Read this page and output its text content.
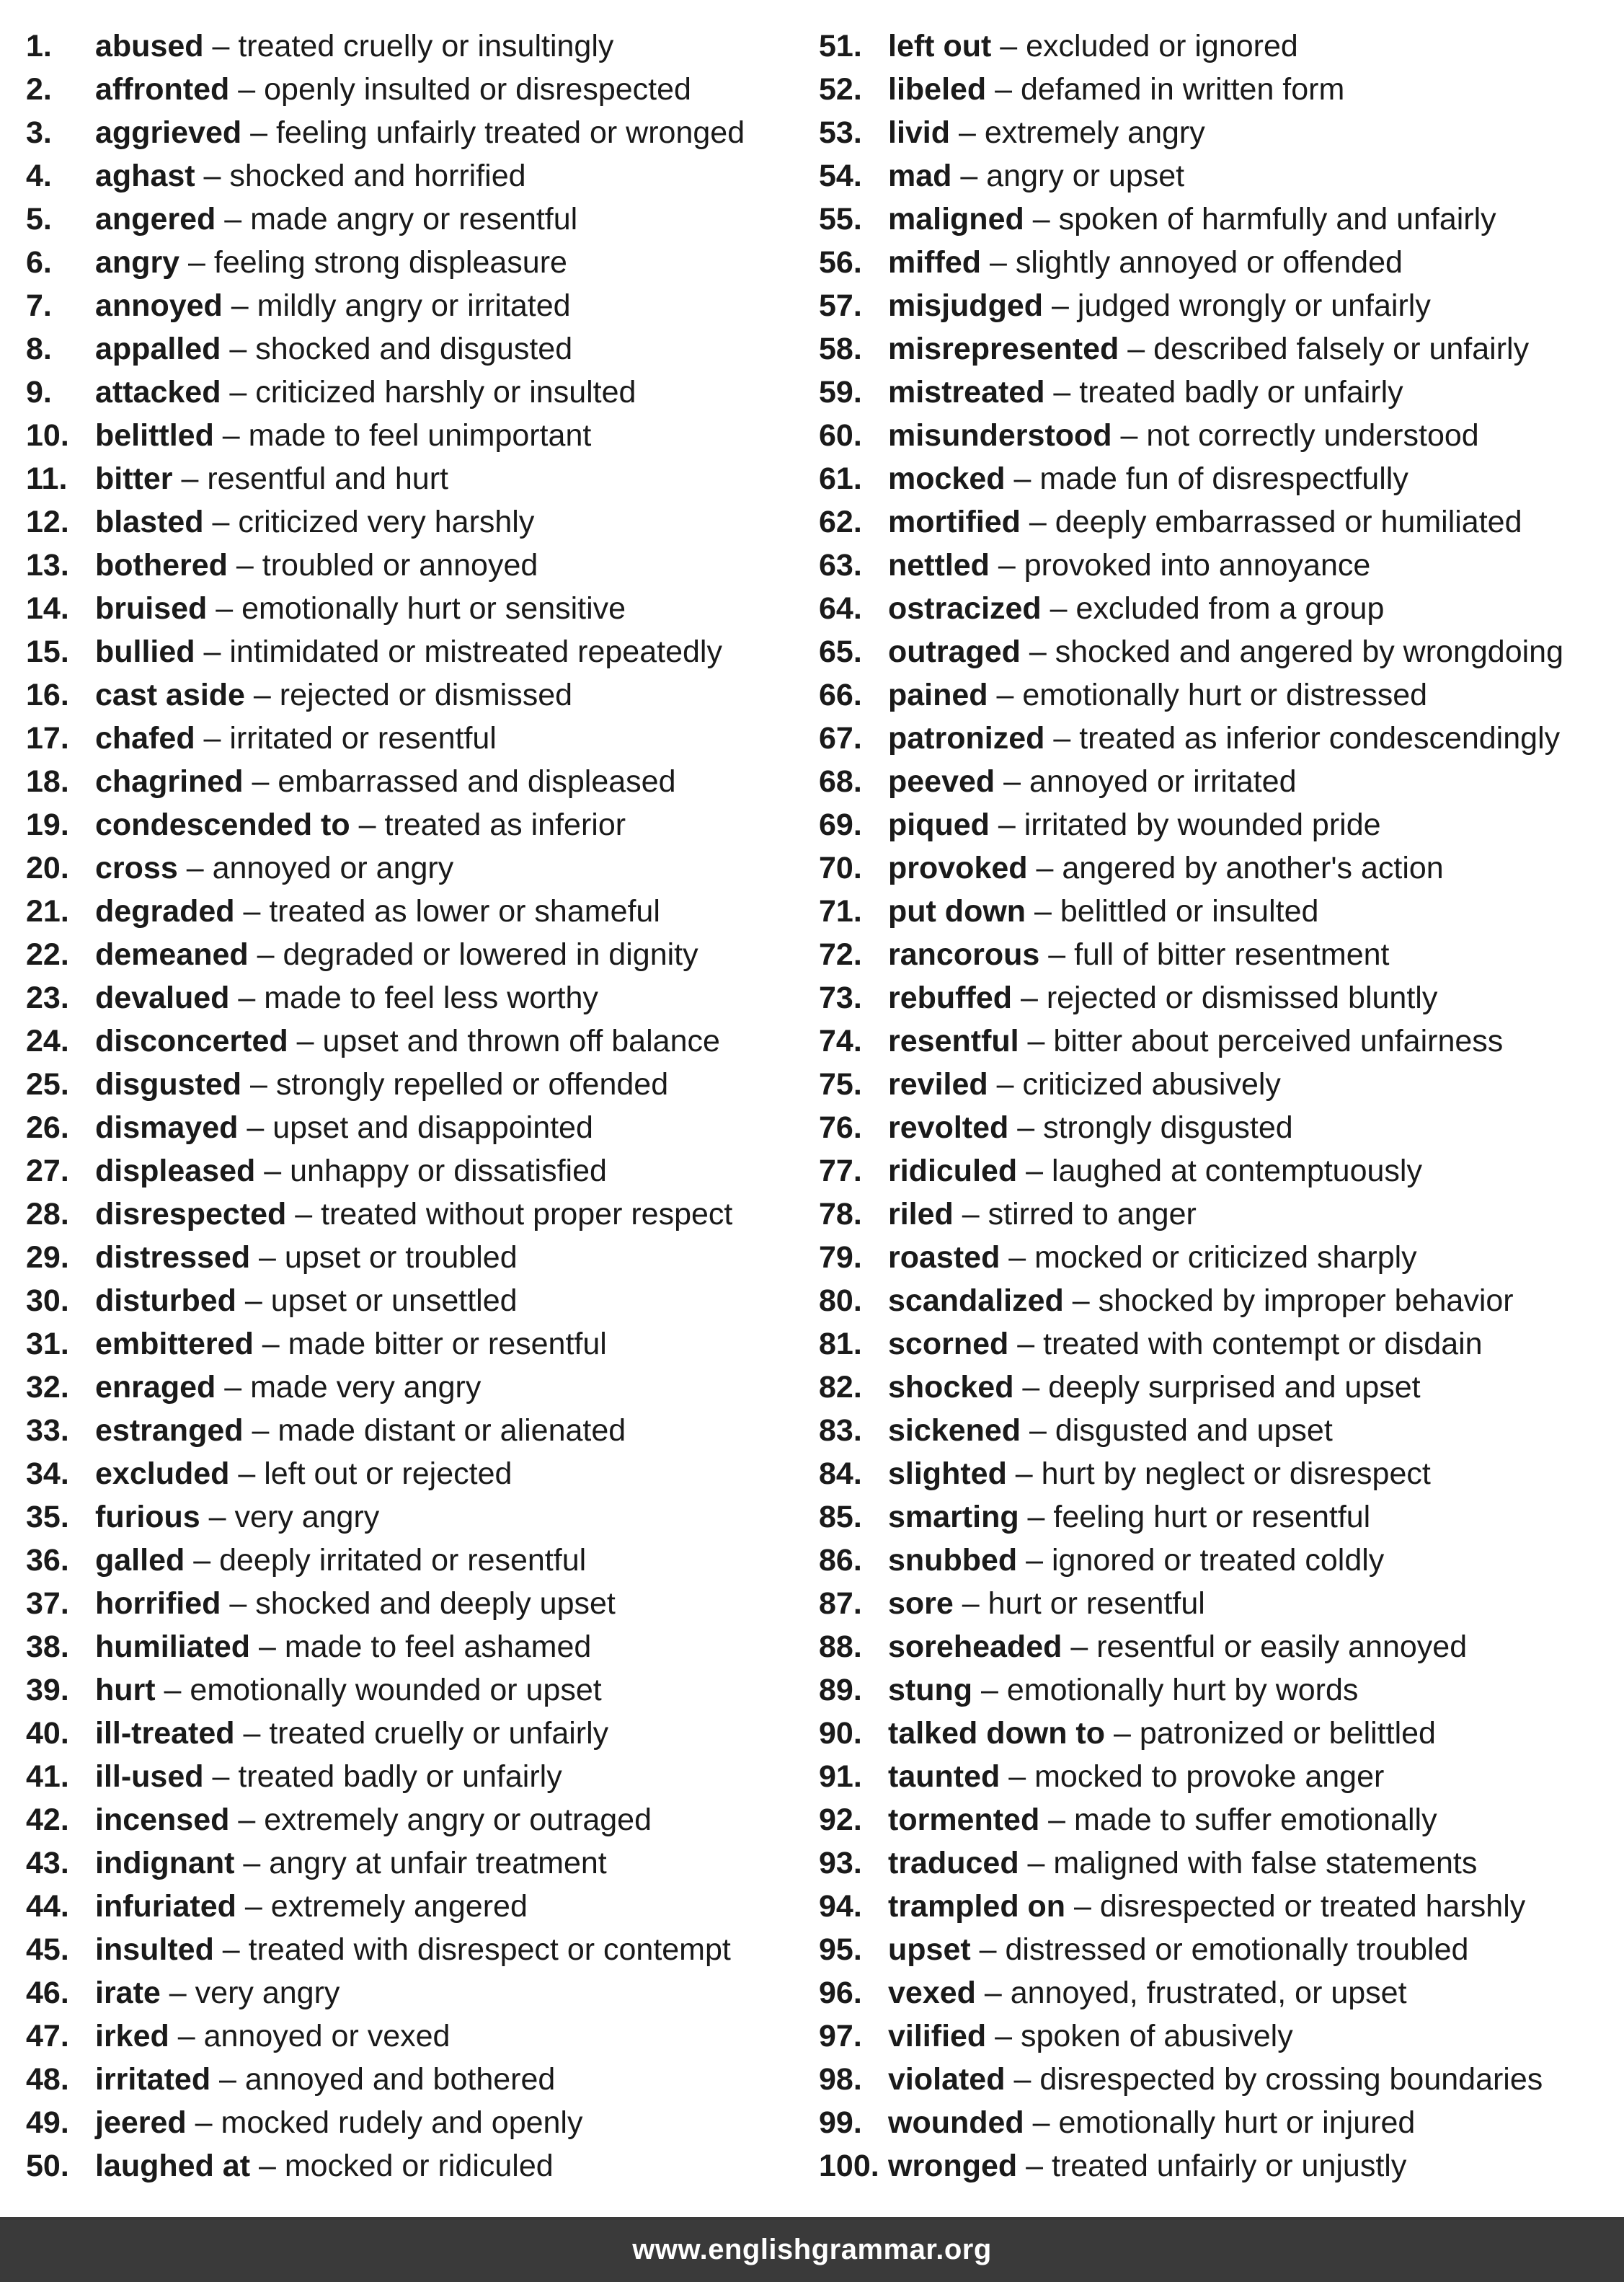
1. abused – treated cruelly or insultingly
2. affronted – openly insulted or disrespected
3. aggrieved – feeling unfairly treated or wronged
4. aghast – shocked and horrified
5. angered – made angry or resentful
6. angry – feeling strong displeasure
7. annoyed – mildly angry or irritated
8. appalled – shocked and disgusted
9. attacked – criticized harshly or insulted
10. belittled – made to feel unimportant
11. bitter – resentful and hurt
12. blasted – criticized very harshly
13. bothered – troubled or annoyed
14. bruised – emotionally hurt or sensitive
15. bullied – intimidated or mistreated repeatedly
16. cast aside – rejected or dismissed
17. chafed – irritated or resentful
18. chagrined – embarrassed and displeased
19. condescended to – treated as inferior
20. cross – annoyed or angry
21. degraded – treated as lower or shameful
22. demeaned – degraded or lowered in dignity
23. devalued – made to feel less worthy
24. disconcerted – upset and thrown off balance
25. disgusted – strongly repelled or offended
26. dismayed – upset and disappointed
27. displeased – unhappy or dissatisfied
28. disrespected – treated without proper respect
29. distressed – upset or troubled
30. disturbed – upset or unsettled
31. embittered – made bitter or resentful
32. enraged – made very angry
33. estranged – made distant or alienated
34. excluded – left out or rejected
35. furious – very angry
36. galled – deeply irritated or resentful
37. horrified – shocked and deeply upset
38. humiliated – made to feel ashamed
39. hurt – emotionally wounded or upset
40. ill-treated – treated cruelly or unfairly
41. ill-used – treated badly or unfairly
42. incensed – extremely angry or outraged
43. indignant – angry at unfair treatment
44. infuriated – extremely angered
45. insulted – treated with disrespect or contempt
46. irate – very angry
47. irked – annoyed or vexed
48. irritated – annoyed and bothered
49. jeered – mocked rudely and openly
50. laughed at – mocked or ridiculed
51. left out – excluded or ignored
52. libeled – defamed in written form
53. livid – extremely angry
54. mad – angry or upset
55. maligned – spoken of harmfully and unfairly
56. miffed – slightly annoyed or offended
57. misjudged – judged wrongly or unfairly
58. misrepresented – described falsely or unfairly
59. mistreated – treated badly or unfairly
60. misunderstood – not correctly understood
61. mocked – made fun of disrespectfully
62. mortified – deeply embarrassed or humiliated
63. nettled – provoked into annoyance
64. ostracized – excluded from a group
65. outraged – shocked and angered by wrongdoing
66. pained – emotionally hurt or distressed
67. patronized – treated as inferior condescendingly
68. peeved – annoyed or irritated
69. piqued – irritated by wounded pride
70. provoked – angered by another's action
71. put down – belittled or insulted
72. rancorous – full of bitter resentment
73. rebuffed – rejected or dismissed bluntly
74. resentful – bitter about perceived unfairness
75. reviled – criticized abusively
76. revolted – strongly disgusted
77. ridiculed – laughed at contemptuously
78. riled – stirred to anger
79. roasted – mocked or criticized sharply
80. scandalized – shocked by improper behavior
81. scorned – treated with contempt or disdain
82. shocked – deeply surprised and upset
83. sickened – disgusted and upset
84. slighted – hurt by neglect or disrespect
85. smarting – feeling hurt or resentful
86. snubbed – ignored or treated coldly
87. sore – hurt or resentful
88. soreheaded – resentful or easily annoyed
89. stung – emotionally hurt by words
90. talked down to – patronized or belittled
91. taunted – mocked to provoke anger
92. tormented – made to suffer emotionally
93. traduced – maligned with false statements
94. trampled on – disrespected or treated harshly
95. upset – distressed or emotionally troubled
96. vexed – annoyed, frustrated, or upset
97. vilified – spoken of abusively
98. violated – disrespected by crossing boundaries
99. wounded – emotionally hurt or injured
100. wronged – treated unfairly or unjustly
www.englishgrammar.org
